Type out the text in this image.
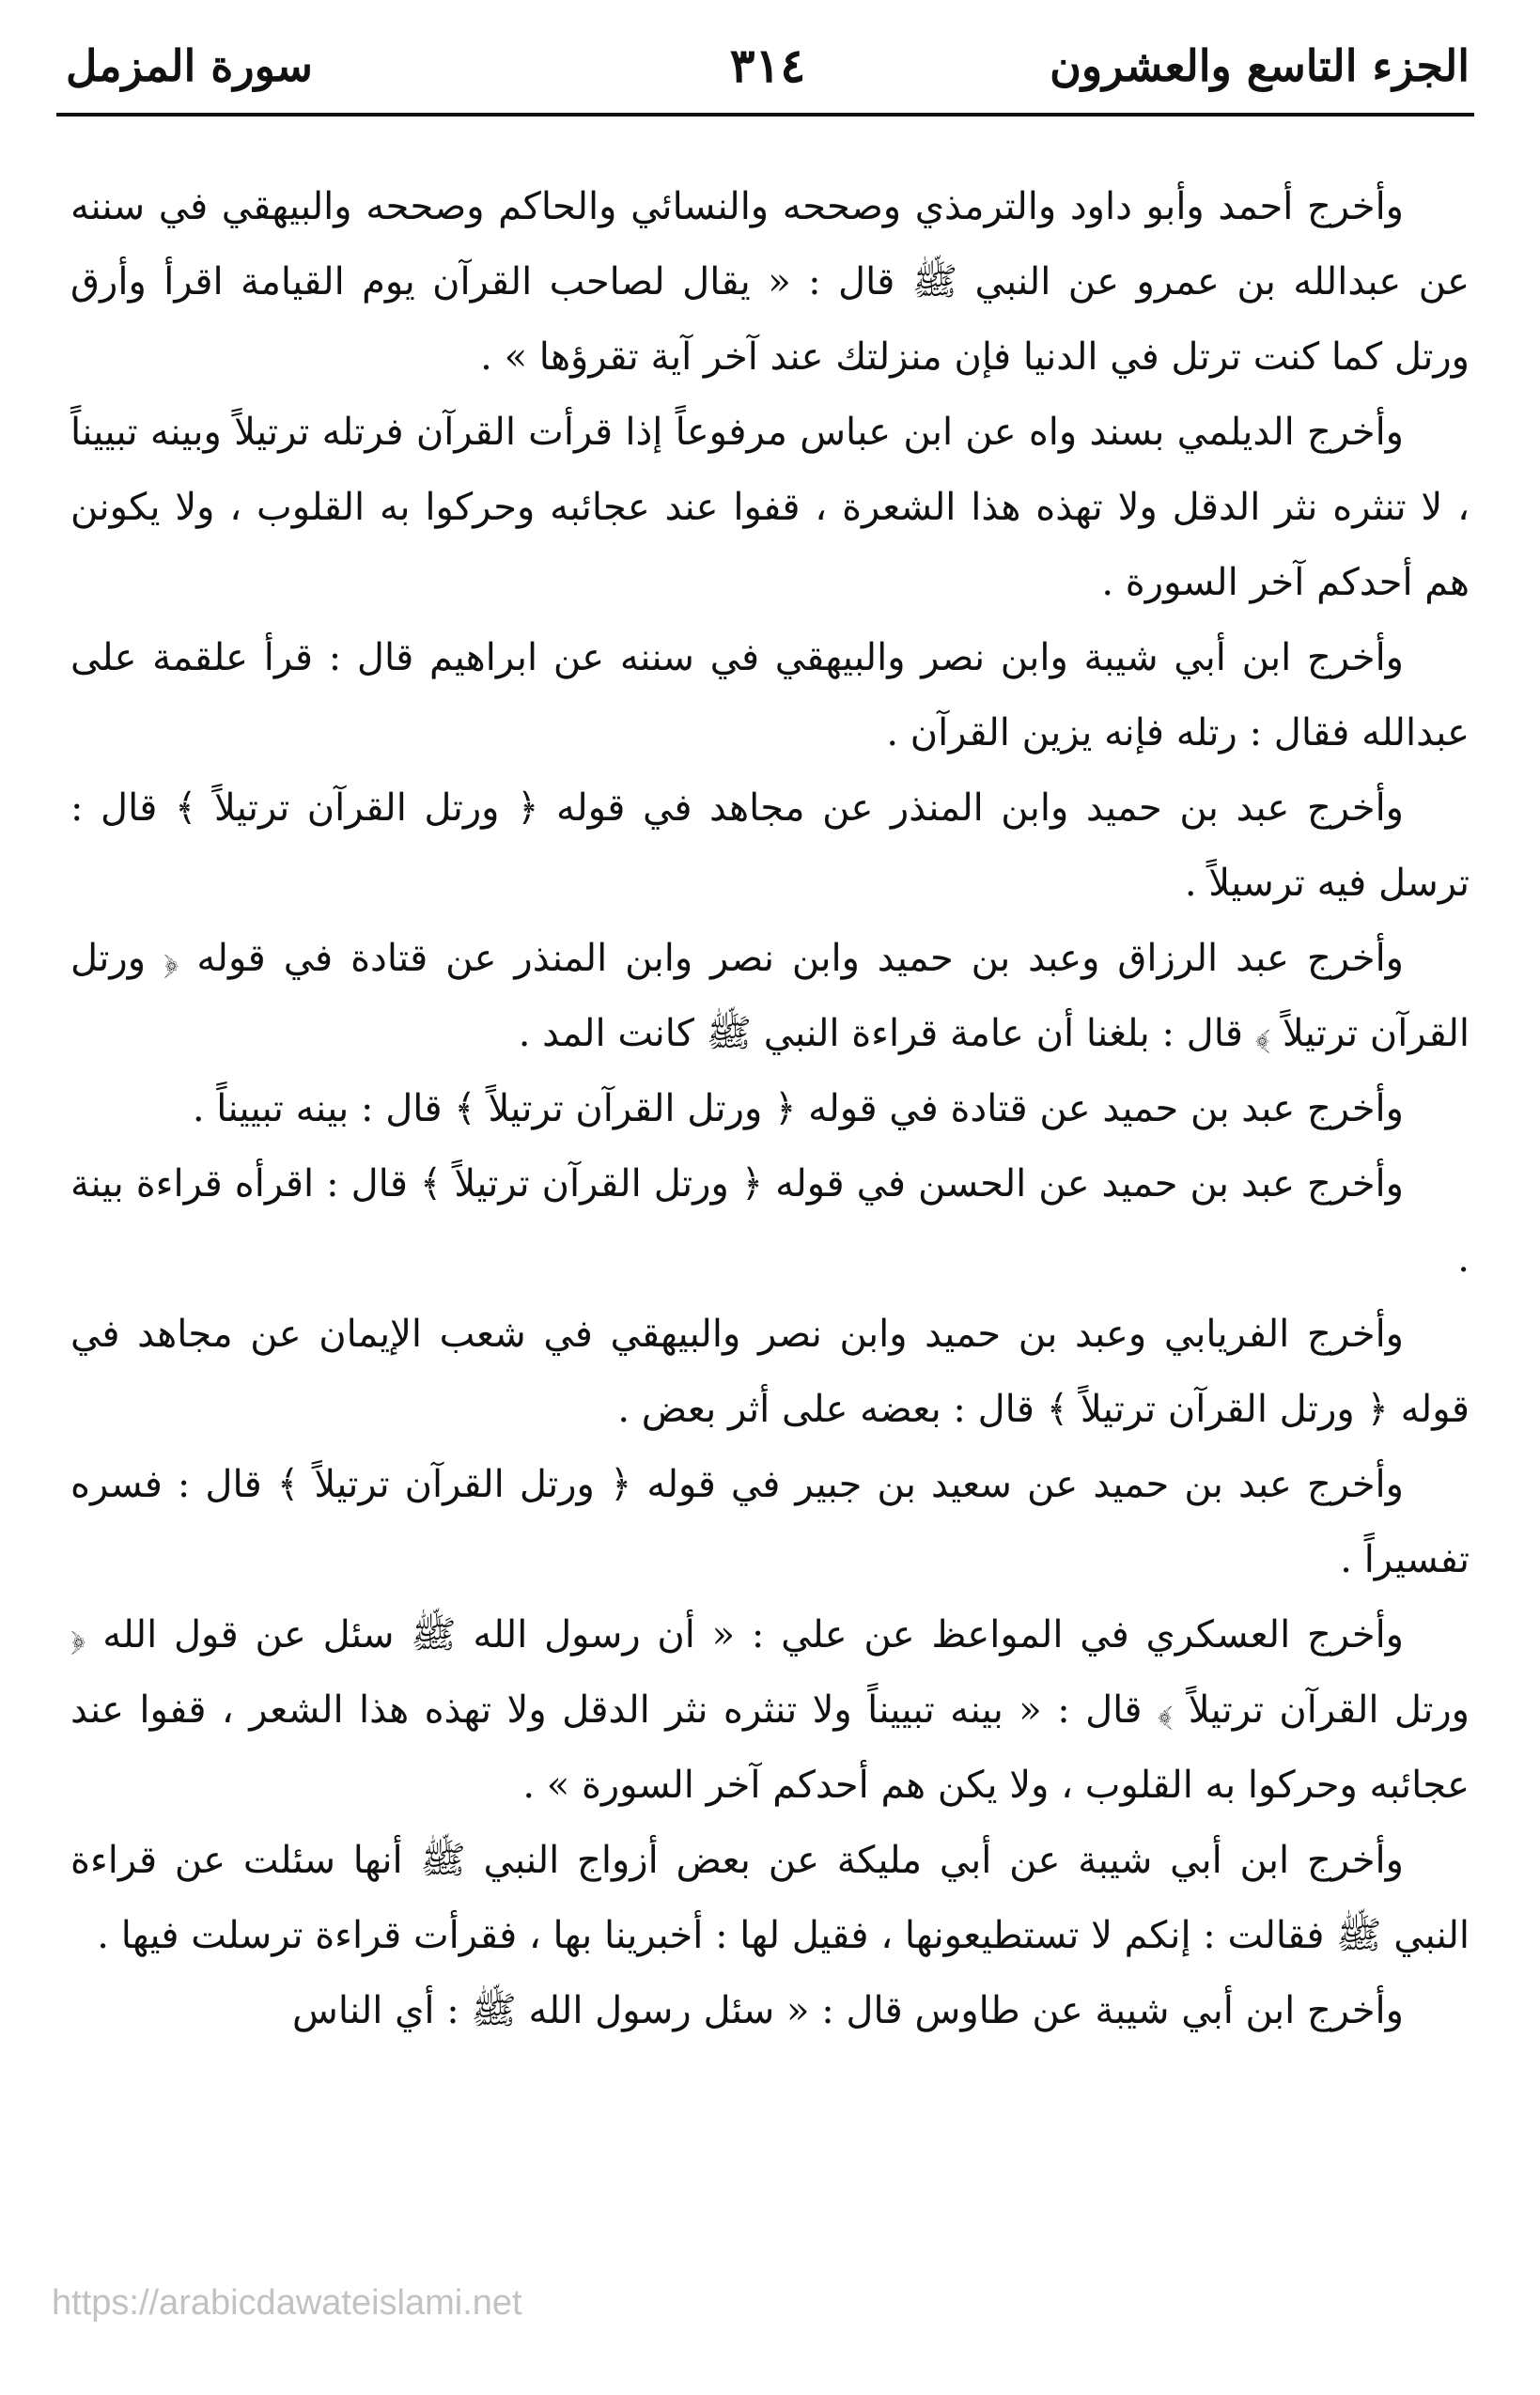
الجزء التاسع والعشرون
٣١٤
سورة المزمل

وأخرج أحمد وأبو داود والترمذي وصححه والنسائي والحاكم وصححه والبيهقي في سننه عن عبدالله بن عمرو عن النبي ﷺ قال : « يقال لصاحب القرآن يوم القيامة اقرأ وأرق ورتل كما كنت ترتل في الدنيا فإن منزلتك عند آخر آية تقرؤها » .

وأخرج الديلمي بسند واه عن ابن عباس مرفوعاً إذا قرأت القرآن فرتله ترتيلاً وبينه تبييناً ، لا تنثره نثر الدقل ولا تهذه هذا الشعرة ، قفوا عند عجائبه وحركوا به القلوب ، ولا يكونن هم أحدكم آخر السورة .

وأخرج ابن أبي شيبة وابن نصر والبيهقي في سننه عن ابراهيم قال : قرأ علقمة على عبدالله فقال : رتله فإنه يزين القرآن .

وأخرج عبد بن حميد وابن المنذر عن مجاهد في قوله ﴿ ورتل القرآن ترتيلاً ﴾ قال : ترسل فيه ترسيلاً .

وأخرج عبد الرزاق وعبد بن حميد وابن نصر وابن المنذر عن قتادة في قوله ﴿ ورتل القرآن ترتيلاً ﴾ قال : بلغنا أن عامة قراءة النبي ﷺ كانت المد .

وأخرج عبد بن حميد عن قتادة في قوله ﴿ ورتل القرآن ترتيلاً ﴾ قال : بينه تبييناً .

وأخرج عبد بن حميد عن الحسن في قوله ﴿ ورتل القرآن ترتيلاً ﴾ قال : اقرأه قراءة بينة .

وأخرج الفريابي وعبد بن حميد وابن نصر والبيهقي في شعب الإيمان عن مجاهد في قوله ﴿ ورتل القرآن ترتيلاً ﴾ قال : بعضه على أثر بعض .

وأخرج عبد بن حميد عن سعيد بن جبير في قوله ﴿ ورتل القرآن ترتيلاً ﴾ قال : فسره تفسيراً .

وأخرج العسكري في المواعظ عن علي : « أن رسول الله ﷺ سئل عن قول الله ﴿ ورتل القرآن ترتيلاً ﴾ قال : « بينه تبييناً ولا تنثره نثر الدقل ولا تهذه هذا الشعر ، قفوا عند عجائبه وحركوا به القلوب ، ولا يكن هم أحدكم آخر السورة » .

وأخرج ابن أبي شيبة عن أبي مليكة عن بعض أزواج النبي ﷺ أنها سئلت عن قراءة النبي ﷺ فقالت : إنكم لا تستطيعونها ، فقيل لها : أخبرينا بها ، فقرأت قراءة ترسلت فيها .

وأخرج ابن أبي شيبة عن طاوس قال : « سئل رسول الله ﷺ : أي الناس

https://arabicdawateislami.net
